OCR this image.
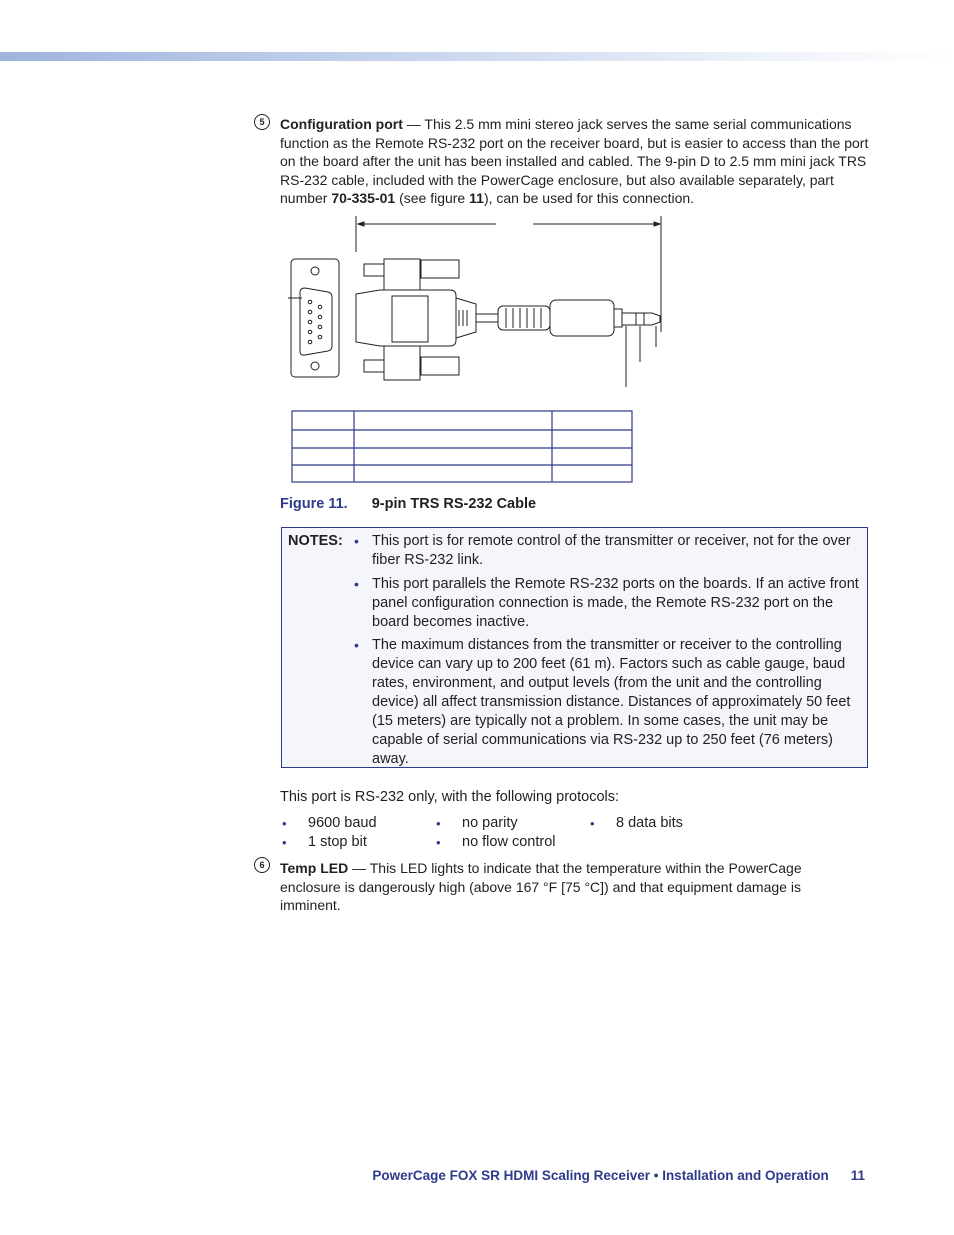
5	Configuration port — This 2.5 mm mini stereo jack serves the same serial communications function as the Remote RS-232 port on the receiver board, but is easier to access than the port on the board after the unit has been installed and cabled. The 9-pin D to 2.5 mm mini jack TRS RS-232 cable, included with the PowerCage enclosure, but also available separately, part number 70-335-01 (see figure 11), can be used for this connection.
Figure 11. 9-pin TRS RS-232 Cable
NOTES: • This port is for remote control of the transmitter or receiver, not for the over fiber RS-232 link.
• This port parallels the Remote RS-232 ports on the boards. If an active front panel configuration connection is made, the Remote RS-232 port on the board becomes inactive.
• The maximum distances from the transmitter or receiver to the controlling device can vary up to 200 feet (61 m). Factors such as cable gauge, baud rates, environment, and output levels (from the unit and the controlling device) all affect transmission distance. Distances of approximately 50 feet (15 meters) are typically not a problem. In some cases, the unit may be capable of serial communications via RS-232 up to 250 feet (76 meters) away.
This port is RS-232 only, with the following protocols:
• 9600 baud	• no parity	• 8 data bits
• 1 stop bit	• no flow control
6	Temp LED — This LED lights to indicate that the temperature within the PowerCage enclosure is dangerously high (above 167 °F [75 °C]) and that equipment damage is imminent.
PowerCage FOX SR HDMI Scaling Receiver • Installation and Operation 11
